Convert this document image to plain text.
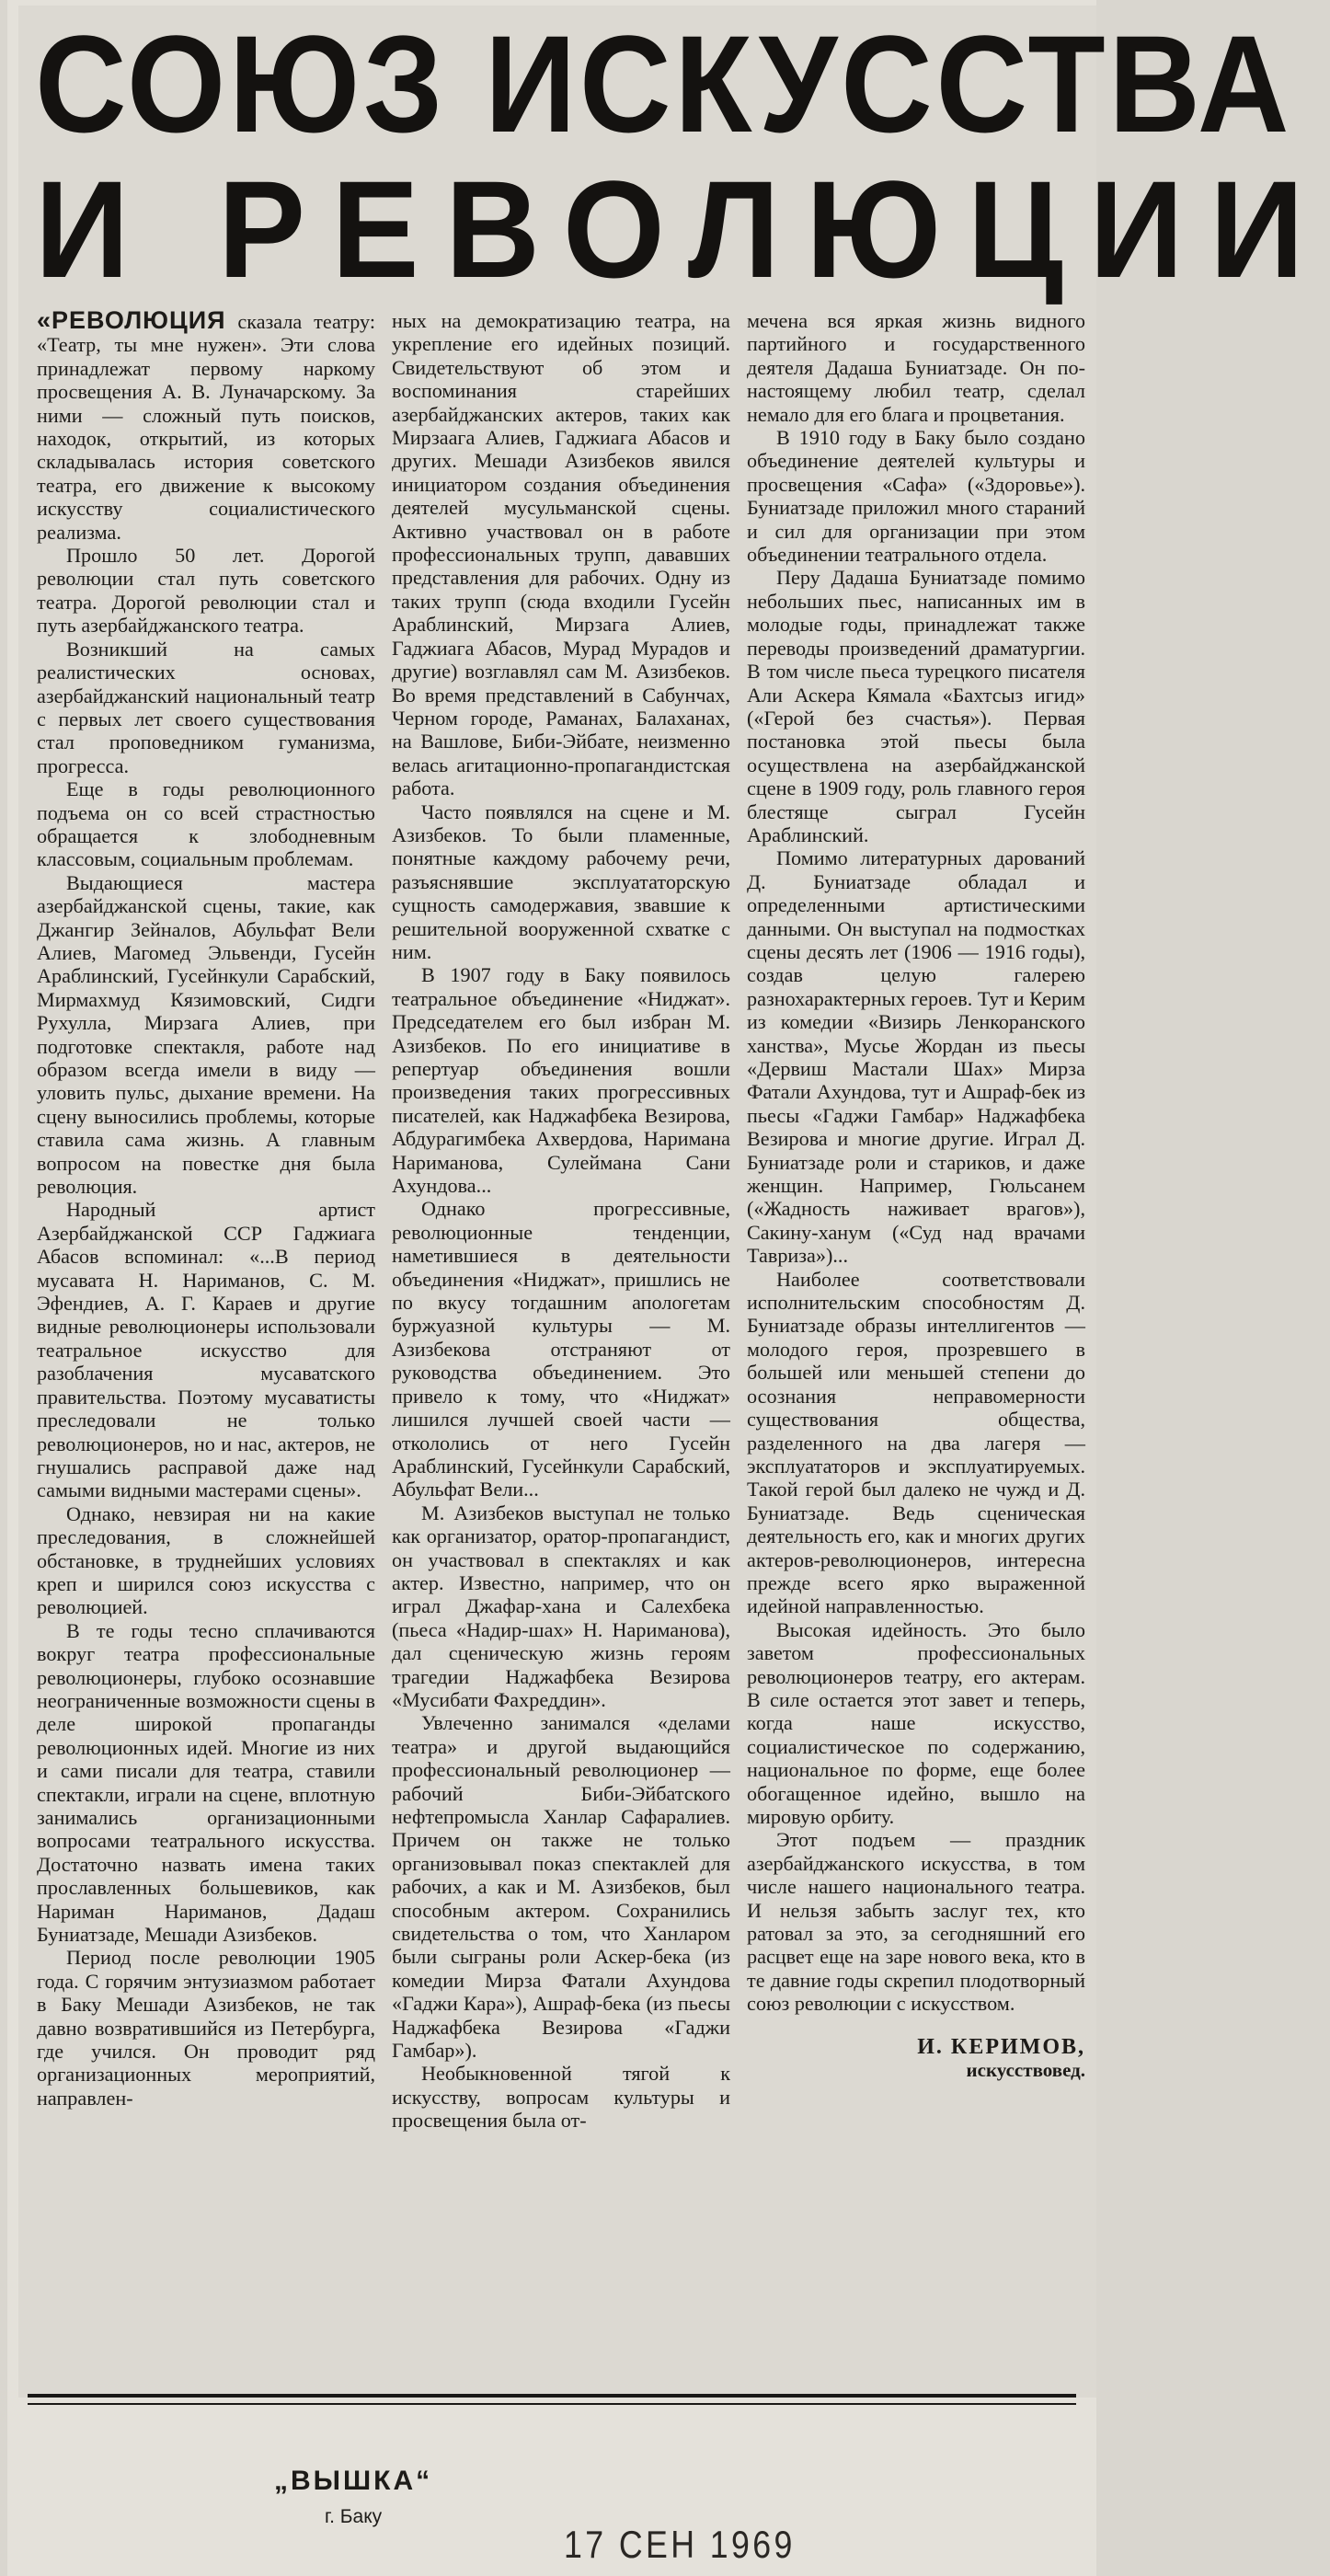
СОЮЗ ИСКУССТВА
И РЕВОЛЮЦИИ

«РЕВОЛЮЦИЯ сказала театру: «Театр, ты мне нужен». Эти слова принадлежат первому наркому просвещения А. В. Луначарскому. За ними — сложный путь поисков, находок, открытий, из которых складывалась история советского театра, его движение к высокому искусству социалистического реализма.

Прошло 50 лет. Дорогой революции стал путь советского театра. Дорогой революции стал и путь азербайджанского театра.

Возникший на самых реалистических основах, азербайджанский национальный театр с первых лет своего существования стал проповедником гуманизма, прогресса.

Еще в годы революционного подъема он со всей страстностью обращается к злободневным классовым, социальным проблемам.

Выдающиеся мастера азербайджанской сцены, такие, как Джангир Зейналов, Абульфат Вели Алиев, Магомед Эльвенди, Гусейн Араблинский, Гусейнкули Сарабский, Мирмахмуд Кязимовский, Сидги Рухулла, Мирзага Алиев, при подготовке спектакля, работе над образом всегда имели в виду — уловить пульс, дыхание времени. На сцену выносились проблемы, которые ставила сама жизнь. А главным вопросом на повестке дня была революция.

Народный артист Азербайджанской ССР Гаджиага Абасов вспоминал: «...В период мусавата Н. Нариманов, С. М. Эфендиев, А. Г. Караев и другие видные революционеры использовали театральное искусство для разоблачения мусаватского правительства. Поэтому мусаватисты преследовали не только революционеров, но и нас, актеров, не гнушались расправой даже над самыми видными мастерами сцены».

Однако, невзирая ни на какие преследования, в сложнейшей обстановке, в труднейших условиях креп и ширился союз искусства с революцией.

В те годы тесно сплачиваются вокруг театра профессиональные революционеры, глубоко осознавшие неограниченные возможности сцены в деле широкой пропаганды революционных идей. Многие из них и сами писали для театра, ставили спектакли, играли на сцене, вплотную занимались организационными вопросами театрального искусства. Достаточно назвать имена таких прославленных большевиков, как Нариман Нариманов, Дадаш Буниатзаде, Мешади Азизбеков.

Период после революции 1905 года. С горячим энтузиазмом работает в Баку Мешади Азизбеков, не так давно возвратившийся из Петербурга, где учился. Он проводит ряд организационных мероприятий, направлен-

ных на демократизацию театра, на укрепление его идейных позиций. Свидетельствуют об этом и воспоминания старейших азербайджанских актеров, таких как Мирзаага Алиев, Гаджиага Абасов и других. Мешади Азизбеков явился инициатором создания объединения деятелей мусульманской сцены. Активно участвовал он в работе профессиональных трупп, дававших представления для рабочих. Одну из таких трупп (сюда входили Гусейн Араблинский, Мирзага Алиев, Гаджиага Абасов, Мурад Мурадов и другие) возглавлял сам М. Азизбеков. Во время представлений в Сабунчах, Черном городе, Раманах, Балаханах, на Вашлове, Биби-Эйбате, неизменно велась агитационно-пропагандистская работа.

Часто появлялся на сцене и М. Азизбеков. То были пламенные, понятные каждому рабочему речи, разъяснявшие эксплуататорскую сущность самодержавия, звавшие к решительной вооруженной схватке с ним.

В 1907 году в Баку появилось театральное объединение «Ниджат». Председателем его был избран М. Азизбеков. По его инициативе в репертуар объединения вошли произведения таких прогрессивных писателей, как Наджафбека Везирова, Абдурагимбека Ахвердова, Наримана Нариманова, Сулеймана Сани Ахундова...

Однако прогрессивные, революционные тенденции, наметившиеся в деятельности объединения «Ниджат», пришлись не по вкусу тогдашним апологетам буржуазной культуры — М. Азизбекова отстраняют от руководства объединением. Это привело к тому, что «Ниджат» лишился лучшей своей части — откололись от него Гусейн Араблинский, Гусейнкули Сарабский, Абульфат Вели...

М. Азизбеков выступал не только как организатор, оратор-пропагандист, он участвовал в спектаклях и как актер. Известно, например, что он играл Джафар-хана и Салехбека (пьеса «Надир-шах» Н. Нариманова), дал сценическую жизнь героям трагедии Наджафбека Везирова «Мусибати Фахреддин».

Увлеченно занимался «делами театра» и другой выдающийся профессиональный революционер — рабочий Биби-Эйбатского нефтепромысла Ханлар Сафаралиев. Причем он также не только организовывал показ спектаклей для рабочих, а как и М. Азизбеков, был способным актером. Сохранились свидетельства о том, что Ханларом были сыграны роли Аскер-бека (из комедии Мирза Фатали Ахундова «Гаджи Кара»), Ашраф-бека (из пьесы Наджафбека Везирова «Гаджи Гамбар»).

Необыкновенной тягой к искусству, вопросам культуры и просвещения была от-

мечена вся яркая жизнь видного партийного и государственного деятеля Дадаша Буниатзаде. Он по-настоящему любил театр, сделал немало для его блага и процветания.

В 1910 году в Баку было создано объединение деятелей культуры и просвещения «Сафа» («Здоровье»). Буниатзаде приложил много стараний и сил для организации при этом объединении театрального отдела.

Перу Дадаша Буниатзаде помимо небольших пьес, написанных им в молодые годы, принадлежат также переводы произведений драматургии. В том числе пьеса турецкого писателя Али Аскера Кямала «Бахтсыз игид» («Герой без счастья»). Первая постановка этой пьесы была осуществлена на азербайджанской сцене в 1909 году, роль главного героя блестяще сыграл Гусейн Араблинский.

Помимо литературных дарований Д. Буниатзаде обладал и определенными артистическими данными. Он выступал на подмостках сцены десять лет (1906 — 1916 годы), создав целую галерею разнохарактерных героев. Тут и Керим из комедии «Визирь Ленкоранского ханства», Мусье Жордан из пьесы «Дервиш Мастали Шах» Мирза Фатали Ахундова, тут и Ашраф-бек из пьесы «Гаджи Гамбар» Наджафбека Везирова и многие другие. Играл Д. Буниатзаде роли и стариков, и даже женщин. Например, Гюльсанем («Жадность наживает врагов»), Сакину-ханум («Суд над врачами Тавриза»)...

Наиболее соответствовали исполнительским способностям Д. Буниатзаде образы интеллигентов — молодого героя, прозревшего в большей или меньшей степени до осознания неправомерности существования общества, разделенного на два лагеря — эксплуататоров и эксплуатируемых. Такой герой был далеко не чужд и Д. Буниатзаде. Ведь сценическая деятельность его, как и многих других актеров-революционеров, интересна прежде всего ярко выраженной идейной направленностью.

Высокая идейность. Это было заветом профессиональных революционеров театру, его актерам. В силе остается этот завет и теперь, когда наше искусство, социалистическое по содержанию, национальное по форме, еще более обогащенное идейно, вышло на мировую орбиту.

Этот подъем — праздник азербайджанского искусства, в том числе нашего национального театра. И нельзя забыть заслуг тех, кто ратовал за это, за сегодняшний его расцвет еще на заре нового века, кто в те давние годы скрепил плодотворный союз революции с искусством.

И. КЕРИМОВ,
искусствовед.
„ВЫШКА“
г. Баку
17 СЕН 1969
